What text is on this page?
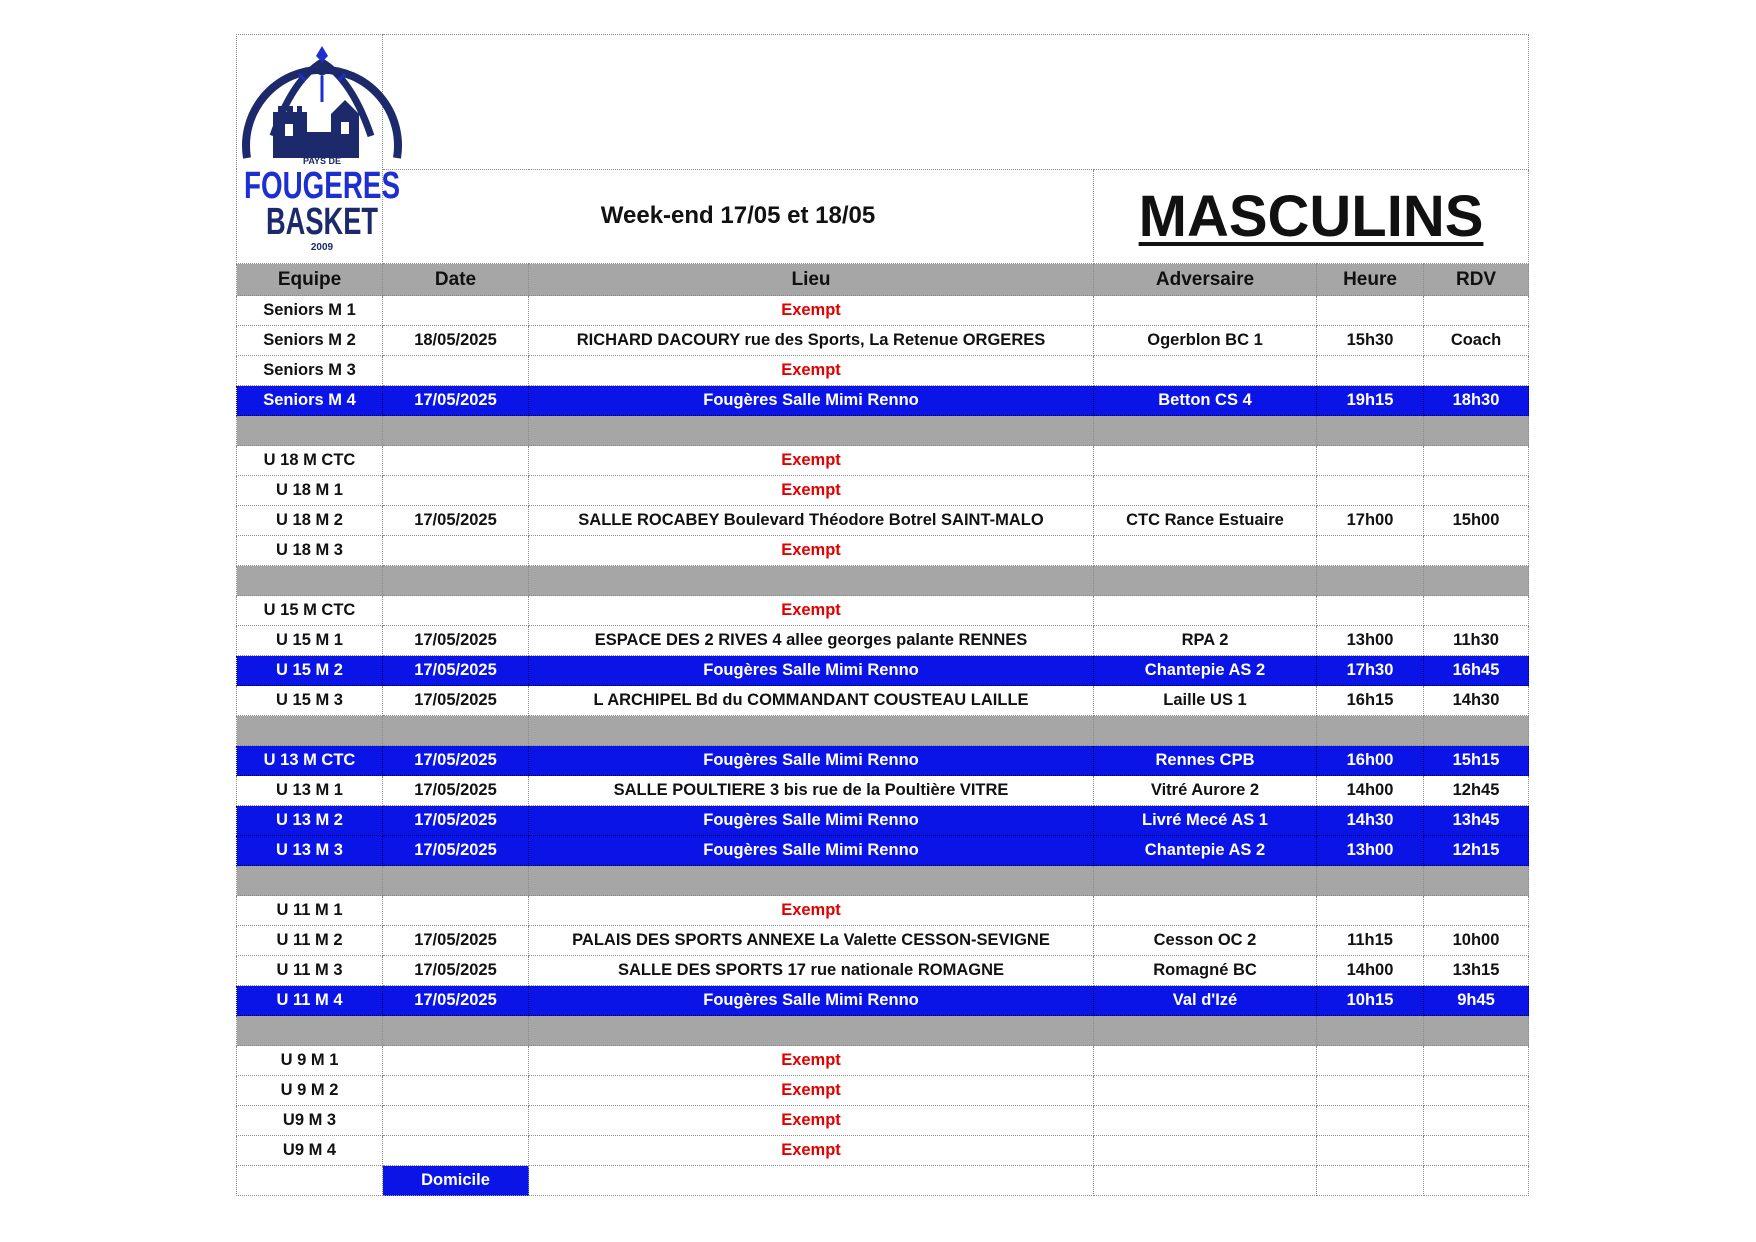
PAYS DE
FOUGERES
BASKET
2009					

	Week-end 17/05 et 18/05		MASCULINS		
Equipe	Date	Lieu	Adversaire	Heure	RDV
Seniors M 1		Exempt			
Seniors M 2	18/05/2025	RICHARD DACOURY rue des Sports, La Retenue ORGERES	Ogerblon BC 1	15h30	Coach
Seniors M 3		Exempt			
Seniors M 4	17/05/2025	Fougères Salle Mimi Renno	Betton CS 4	19h15	18h30

U 18 M CTC		Exempt			
U 18 M 1		Exempt			
U 18 M 2	17/05/2025	SALLE ROCABEY Boulevard Théodore Botrel SAINT-MALO	CTC Rance Estuaire	17h00	15h00
U 18 M 3		Exempt			

U 15 M CTC		Exempt			
U 15 M 1	17/05/2025	ESPACE DES 2 RIVES 4 allee georges palante RENNES	RPA 2	13h00	11h30
U 15 M 2	17/05/2025	Fougères Salle Mimi Renno	Chantepie AS 2	17h30	16h45
U 15 M 3	17/05/2025	L ARCHIPEL Bd du COMMANDANT COUSTEAU LAILLE	Laille US 1	16h15	14h30

U 13 M CTC	17/05/2025	Fougères Salle Mimi Renno	Rennes CPB	16h00	15h15
U 13 M 1	17/05/2025	SALLE POULTIERE 3 bis rue de la Poultière VITRE	Vitré Aurore 2	14h00	12h45
U 13 M 2	17/05/2025	Fougères Salle Mimi Renno	Livré Mecé AS 1	14h30	13h45
U 13 M 3	17/05/2025	Fougères Salle Mimi Renno	Chantepie AS 2	13h00	12h15

U 11 M 1		Exempt			
U 11 M 2	17/05/2025	PALAIS DES SPORTS ANNEXE La Valette CESSON-SEVIGNE	Cesson OC 2	11h15	10h00
U 11 M 3	17/05/2025	SALLE DES SPORTS 17 rue nationale ROMAGNE	Romagné BC	14h00	13h15
U 11 M 4	17/05/2025	Fougères Salle Mimi Renno	Val d'Izé	10h15	9h45

U 9 M 1		Exempt			
U 9 M 2		Exempt			
U9 M 3		Exempt			
U9 M 4		Exempt			
	Domicile				
